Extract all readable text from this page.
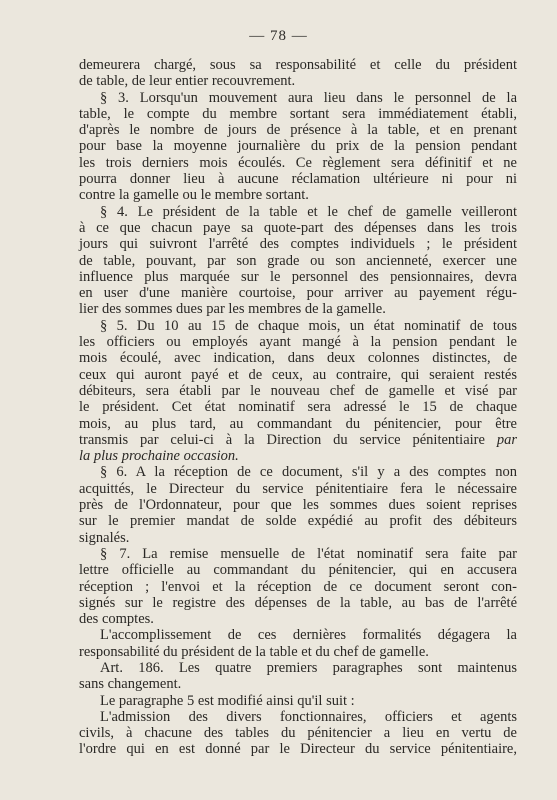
— 78 —
demeurera chargé, sous sa responsabilité et celle du président
de table, de leur entier recouvrement.
§ 3. Lorsqu'un mouvement aura lieu dans le personnel de la
table, le compte du membre sortant sera immédiatement établi,
d'après le nombre de jours de présence à la table, et en prenant
pour base la moyenne journalière du prix de la pension pendant
les trois derniers mois écoulés. Ce règlement sera définitif et ne
pourra donner lieu à aucune réclamation ultérieure ni pour ni
contre la gamelle ou le membre sortant.
§ 4. Le président de la table et le chef de gamelle veilleront
à ce que chacun paye sa quote-part des dépenses dans les trois
jours qui suivront l'arrêté des comptes individuels ; le président
de table, pouvant, par son grade ou son ancienneté, exercer une
influence plus marquée sur le personnel des pensionnaires, devra
en user d'une manière courtoise, pour arriver au payement régu-
lier des sommes dues par les membres de la gamelle.
§ 5. Du 10 au 15 de chaque mois, un état nominatif de tous
les officiers ou employés ayant mangé à la pension pendant le
mois écoulé, avec indication, dans deux colonnes distinctes, de
ceux qui auront payé et de ceux, au contraire, qui seraient restés
débiteurs, sera établi par le nouveau chef de gamelle et visé par
le président. Cet état nominatif sera adressé le 15 de chaque
mois, au plus tard, au commandant du pénitencier, pour être
transmis par celui-ci à la Direction du service pénitentiaire par
la plus prochaine occasion.
§ 6. A la réception de ce document, s'il y a des comptes non
acquittés, le Directeur du service pénitentiaire fera le nécessaire
près de l'Ordonnateur, pour que les sommes dues soient reprises
sur le premier mandat de solde expédié au profit des débiteurs
signalés.
§ 7. La remise mensuelle de l'état nominatif sera faite par
lettre officielle au commandant du pénitencier, qui en accusera
réception ; l'envoi et la réception de ce document seront con-
signés sur le registre des dépenses de la table, au bas de l'arrêté
des comptes.
L'accomplissement de ces dernières formalités dégagera la
responsabilité du président de la table et du chef de gamelle.
Art. 186. Les quatre premiers paragraphes sont maintenus
sans changement.
Le paragraphe 5 est modifié ainsi qu'il suit :
L'admission des divers fonctionnaires, officiers et agents
civils, à chacune des tables du pénitencier a lieu en vertu de
l'ordre qui en est donné par le Directeur du service pénitentiaire,
